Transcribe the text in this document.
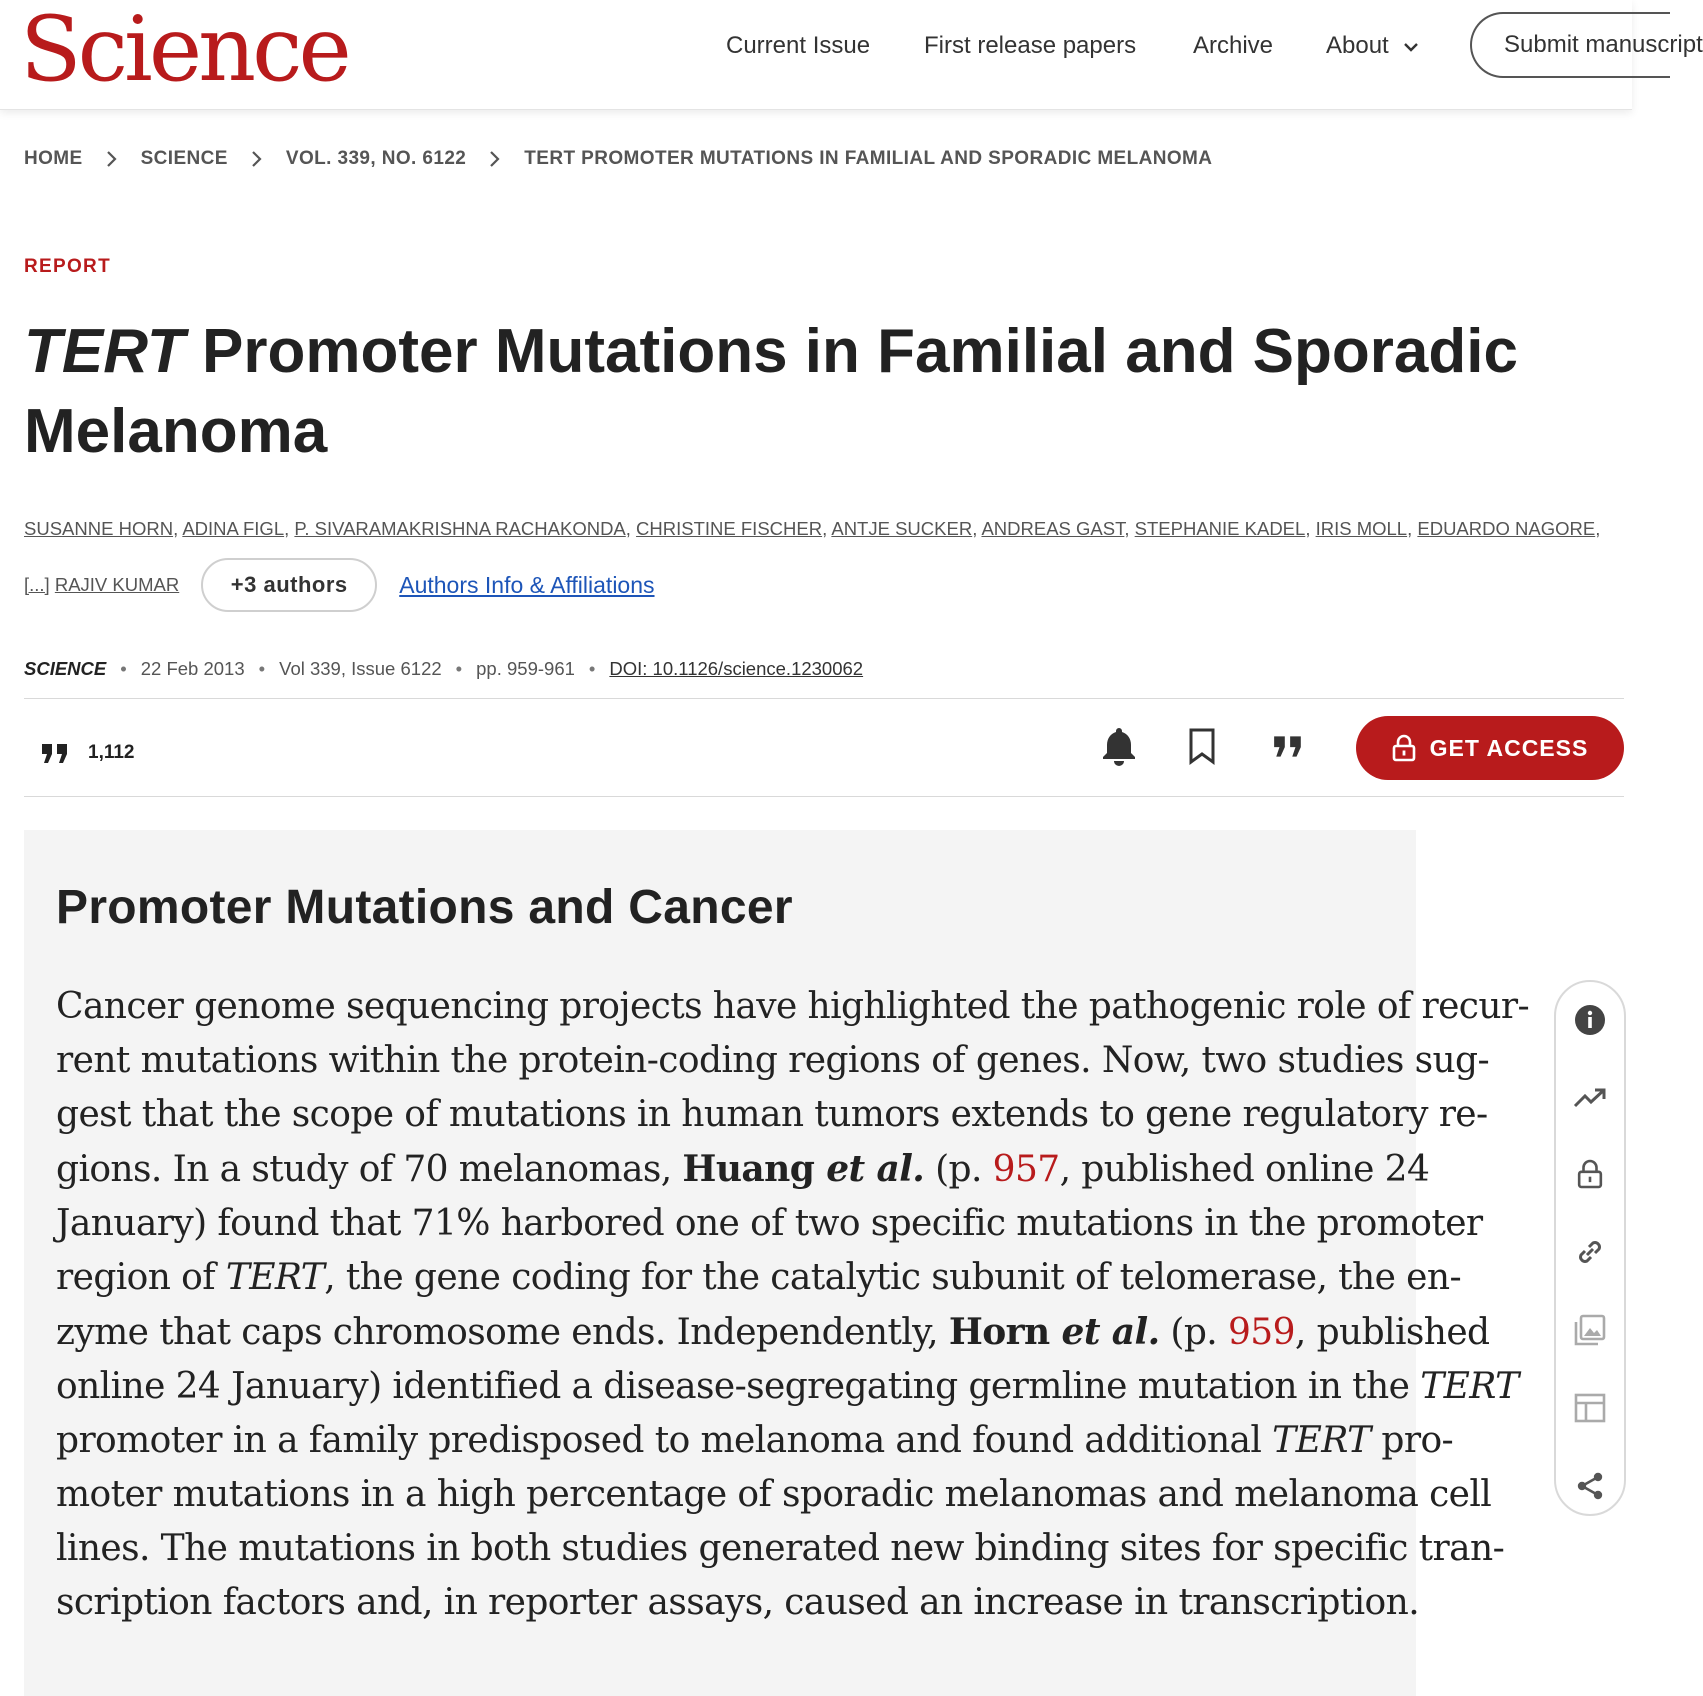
Science	Current Issue First release papers Archive About	Submit manuscript
HOME	SCIENCE	VOL. 339, NO. 6122	TERT PROMOTER MUTATIONS IN FAMILIAL AND SPORADIC MELANOMA
REPORT
TERT Promoter Mutations in Familial and Sporadic
Melanoma
SUSANNE HORN, ADINA FIGL, P. SIVARAMAKRISHNA RACHAKONDA, CHRISTINE FISCHER, ANTJE SUCKER, ANDREAS GAST, STEPHANIE KADEL, IRIS MOLL, EDUARDO NAGORE,
[...]
RAJIV KUMAR	+3 authors	Authors Info & Affiliations
SCIENCE • 22 Feb 2013 • Vol 339, Issue 6122 • pp. 959-961 • DOI: 10.1126/science.1230062
1,112	GET ACCESS
Promoter Mutations and Cancer
Cancer genome sequencing projects have highlighted the pathogenic role of recur-
rent mutations within the protein-coding regions of genes. Now, two studies sug-
gest that the scope of mutations in human tumors extends to gene regulatory re-
gions. In a study of 70 melanomas, Huang et al. (p. 957, published online 24
January) found that 71% harbored one of two specific mutations in the promoter
region of TERT, the gene coding for the catalytic subunit of telomerase, the en-
zyme that caps chromosome ends. Independently, Horn et al. (p. 959, published
online 24 January) identified a disease-segregating germline mutation in the TERT
promoter in a family predisposed to melanoma and found additional TERT pro-
moter mutations in a high percentage of sporadic melanomas and melanoma cell
lines. The mutations in both studies generated new binding sites for specific tran-
scription factors and, in reporter assays, caused an increase in transcription.
